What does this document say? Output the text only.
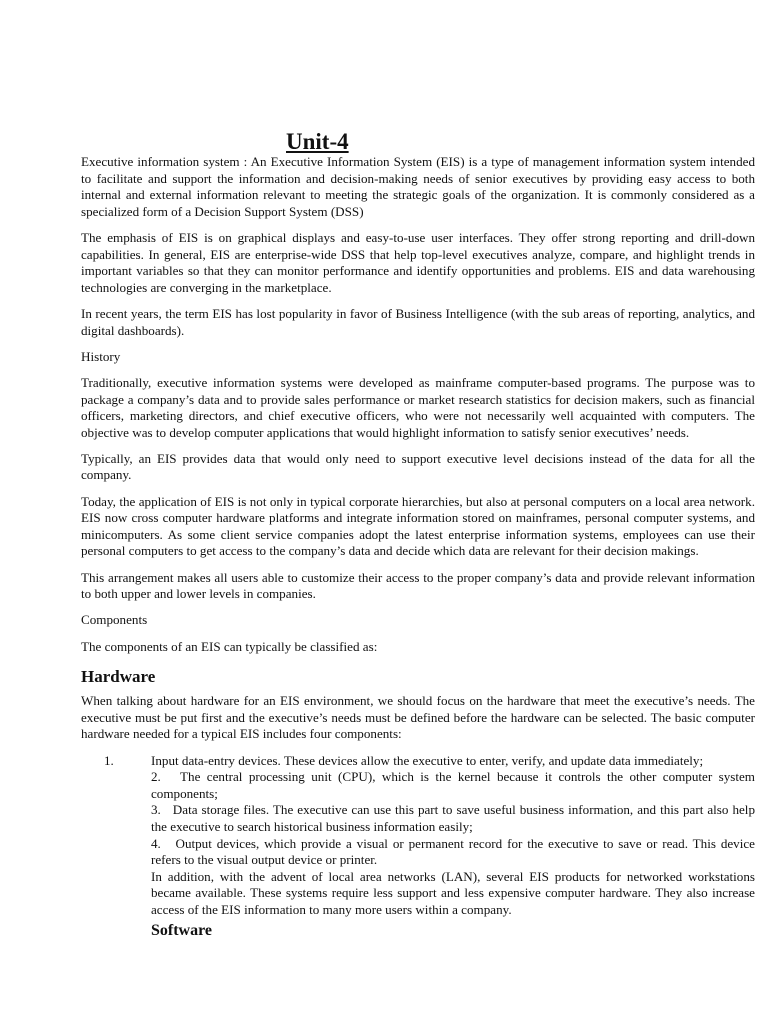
Unit-4

Executive information system : An Executive Information System (EIS) is a type of management information system intended to facilitate and support the information and decision-making needs of senior executives by providing easy access to both internal and external information relevant to meeting the strategic goals of the organization. It is commonly considered as a specialized form of a Decision Support System (DSS)

The emphasis of EIS is on graphical displays and easy-to-use user interfaces. They offer strong reporting and drill-down capabilities. In general, EIS are enterprise-wide DSS that help top-level executives analyze, compare, and highlight trends in important variables so that they can monitor performance and identify opportunities and problems. EIS and data warehousing technologies are converging in the marketplace.

In recent years, the term EIS has lost popularity in favor of Business Intelligence (with the sub areas of reporting, analytics, and digital dashboards).

History

Traditionally, executive information systems were developed as mainframe computer-based programs. The purpose was to package a company’s data and to provide sales performance or market research statistics for decision makers, such as financial officers, marketing directors, and chief executive officers, who were not necessarily well acquainted with computers. The objective was to develop computer applications that would highlight information to satisfy senior executives’ needs.

Typically, an EIS provides data that would only need to support executive level decisions instead of the data for all the company.

Today, the application of EIS is not only in typical corporate hierarchies, but also at personal computers on a local area network. EIS now cross computer hardware platforms and integrate information stored on mainframes, personal computer systems, and minicomputers. As some client service companies adopt the latest enterprise information systems, employees can use their personal computers to get access to the company’s data and decide which data are relevant for their decision makings.

This arrangement makes all users able to customize their access to the proper company’s data and provide relevant information to both upper and lower levels in companies.

Components

The components of an EIS can typically be classified as:

Hardware

When talking about hardware for an EIS environment, we should focus on the hardware that meet the executive’s needs. The executive must be put first and the executive’s needs must be defined before the hardware can be selected. The basic computer hardware needed for a typical EIS includes four components:

1.	Input data-entry devices. These devices allow the executive to enter, verify, and update data immediately;

2.   The central processing unit (CPU), which is the kernel because it controls the other computer system components;

3.   Data storage files. The executive can use this part to save useful business information, and this part also help the executive to search historical business information easily;

4.   Output devices, which provide a visual or permanent record for the executive to save or read. This device refers to the visual output device or printer.

In addition, with the advent of local area networks (LAN), several EIS products for networked workstations became available. These systems require less support and less expensive computer hardware. They also increase access of the EIS information to many more users within a company.

Software
